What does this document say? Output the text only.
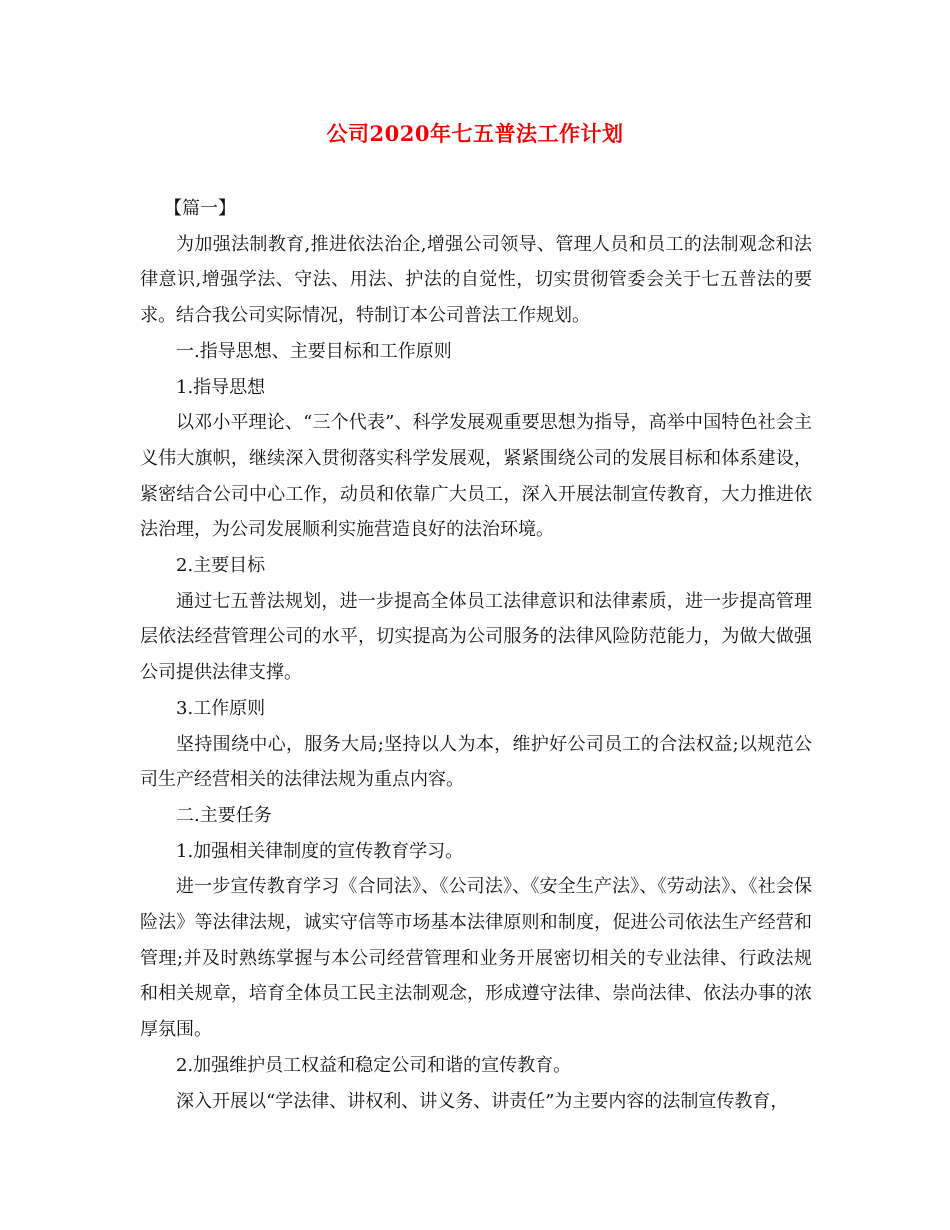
公司2020年七五普法工作计划

【篇一】

为加强法制教育,推进依法治企,增强公司领导、管理人员和员工的法制观念和法律意识,增强学法、守法、用法、护法的自觉性，切实贯彻管委会关于七五普法的要求。结合我公司实际情况，特制订本公司普法工作规划。

一.指导思想、主要目标和工作原则

1.指导思想

以邓小平理论、“三个代表”、科学发展观重要思想为指导，高举中国特色社会主义伟大旗帜，继续深入贯彻落实科学发展观，紧紧围绕公司的发展目标和体系建设，紧密结合公司中心工作，动员和依靠广大员工，深入开展法制宣传教育，大力推进依法治理，为公司发展顺利实施营造良好的法治环境。

2.主要目标

通过七五普法规划，进一步提高全体员工法律意识和法律素质，进一步提高管理层依法经营管理公司的水平，切实提高为公司服务的法律风险防范能力，为做大做强公司提供法律支撑。

3.工作原则

坚持围绕中心，服务大局;坚持以人为本，维护好公司员工的合法权益;以规范公司生产经营相关的法律法规为重点内容。

二.主要任务

1.加强相关律制度的宣传教育学习。

进一步宣传教育学习《合同法》、《公司法》、《安全生产法》、《劳动法》、《社会保险法》等法律法规，诚实守信等市场基本法律原则和制度，促进公司依法生产经营和管理;并及时熟练掌握与本公司经营管理和业务开展密切相关的专业法律、行政法规和相关规章，培育全体员工民主法制观念，形成遵守法律、崇尚法律、依法办事的浓厚氛围。

2.加强维护员工权益和稳定公司和谐的宣传教育。

深入开展以“学法律、讲权利、讲义务、讲责任”为主要内容的法制宣传教育，
